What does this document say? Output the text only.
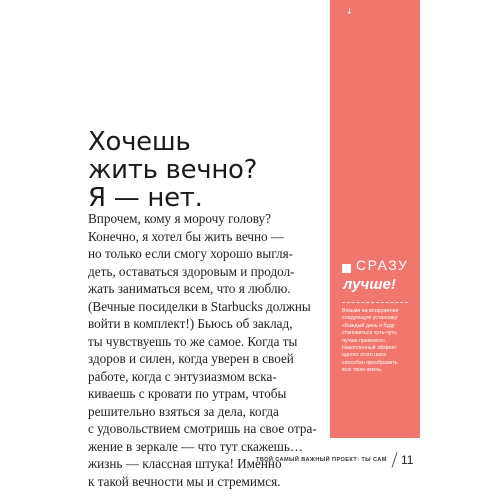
Хочешь
жить вечно?
Я — нет.
Впрочем, кому я морочу голову?
Конечно, я хотел бы жить вечно —
но только если смогу хорошо выгля-
деть, оставаться здоровым и продол-
жать заниматься всем, что я люблю.
(Вечные посиделки в Starbucks должны
войти в комплект!) Бьюсь об заклад,
ты чувствуешь то же самое. Когда ты
здоров и силен, когда уверен в своей
работе, когда с энтузиазмом вска-
киваешь с кровати по утрам, чтобы
решительно взяться за дела, когда
с удовольствием смотришь на свое отра-
жение в зеркале — что тут скажешь…
жизнь — классная штука! Именно
к такой вечности мы и стремимся.
↓
СРАЗУ
лучше!
Возьми на вооружение
следующую установку:
«Каждый день я буду
становиться чуть-чуть
лучше прежнего».
Накопленный эффект
одного этого шага
способен преобразить
всю твою жизнь.
ТВОЙ САМЫЙ ВАЖНЫЙ ПРОЕКТ: ТЫ САМ 11
